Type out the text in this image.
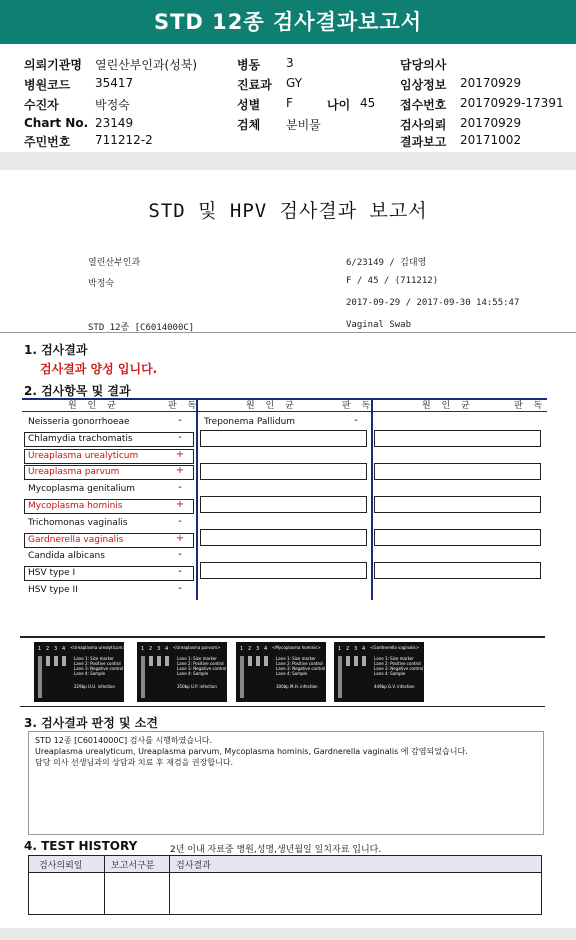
STD 12종 검사결과보고서
의뢰기관명 열린산부인과(성북)	병동 3	담당의사
병원코드 35417	진료과 GY	임상정보 20170929
수진자	박정숙	성별 F	나이 45 접수번호 20170929-17391
Chart No. 23149	검체 분비물	검사의뢰 20170929
주민번호 711212-2	결과보고 20171002
STD 및 HPV 검사결과 보고서
열린산부인과	6/23149 / 김대영
박정숙	F / 45 / (711212)
2017-09-29 / 2017-09-30 14:55:47
STD 12종 [C6014000C]	Vaginal Swab
1. 검사결과
검사결과 양성 입니다.
2. 검사항목 및 결과
원 인 균	판 독	원 인 균	판 독	원 인 균	판 독
Neisseria gonorrhoeae	-
Chlamydia trachomatis	-
Ureaplasma urealyticum	+
Ureaplasma parvum	+
Mycoplasma genitalium	-
Mycoplasma hominis	+
Trichomonas vaginalis	-
Gardnerella vaginalis	+
Candida albicans	-
HSV type I	-
HSV type II	-
Treponema Pallidum	-
1 2 3 4 <Ureaplasma urealyticum>
Lane 1: Size marker
Lane 2: Positive control
Lane 3: Negative control
Lane 4: Sample
229bp U.U. infection
1 2 3 4 <Ureaplasma parvum>
Lane 1: Size marker
Lane 2: Positive control
Lane 3: Negative control
Lane 4: Sample
350bp U.P. infection
1 2 3 4 <Mycoplasma hominis>
Lane 1: Size marker
Lane 2: Positive control
Lane 3: Negative control
Lane 4: Sample
300bp M.H. infection
1 2 3 4 <Gardnerella vaginalis>
Lane 1: Size marker
Lane 2: Positive control
Lane 3: Negative control
Lane 4: Sample
449bp G.V. infection
3. 검사결과 판정 및 소견
STD 12종 [C6014000C] 검사를 시행하였습니다.
Ureaplasma urealyticum, Ureaplasma parvum, Mycoplasma hominis, Gardnerella vaginalis 에 감염되었습니다.
담당 의사 선생님과의 상담과 치료 후 재검을 권장합니다.
4. TEST HISTORY	2년 이내 자료중 병원,성명,생년월일 일치자료 입니다.
검사의뢰일	보고서구분 검사결과
